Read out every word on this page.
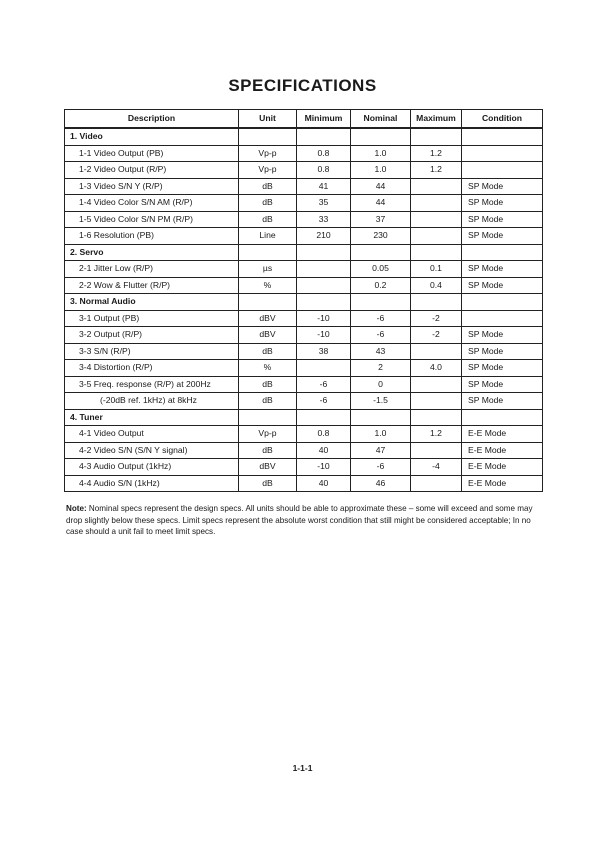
SPECIFICATIONS
Description	Unit	Minimum	Nominal	Maximum	Condition
1. Video					
1-1 Video Output (PB)	Vp-p	0.8	1.0	1.2	
1-2 Video Output (R/P)	Vp-p	0.8	1.0	1.2	
1-3 Video S/N Y (R/P)	dB	41	44		SP Mode
1-4 Video Color S/N AM (R/P)	dB	35	44		SP Mode
1-5 Video Color S/N PM (R/P)	dB	33	37		SP Mode
1-6 Resolution (PB)	Line	210	230		SP Mode
2. Servo					
2-1 Jitter Low (R/P)	µs		0.05	0.1	SP Mode
2-2 Wow & Flutter (R/P)	%		0.2	0.4	SP Mode
3. Normal Audio					
3-1 Output (PB)	dBV	-10	-6	-2	
3-2 Output (R/P)	dBV	-10	-6	-2	SP Mode
3-3 S/N (R/P)	dB	38	43		SP Mode
3-4 Distortion (R/P)	%		2	4.0	SP Mode
3-5 Freq. response (R/P) at 200Hz	dB	-6	0		SP Mode
(-20dB ref. 1kHz) at 8kHz	dB	-6	-1.5		SP Mode
4. Tuner					
4-1 Video Output	Vp-p	0.8	1.0	1.2	E-E Mode
4-2 Video S/N (S/N Y signal)	dB	40	47		E-E Mode
4-3 Audio Output (1kHz)	dBV	-10	-6	-4	E-E Mode
4-4 Audio S/N (1kHz)	dB	40	46		E-E Mode
Note: Nominal specs represent the design specs. All units should be able to approximate these – some will exceed and some may drop slightly below these specs. Limit specs represent the absolute worst condition that still might be considered acceptable; In no case should a unit fail to meet limit specs.
1-1-1
